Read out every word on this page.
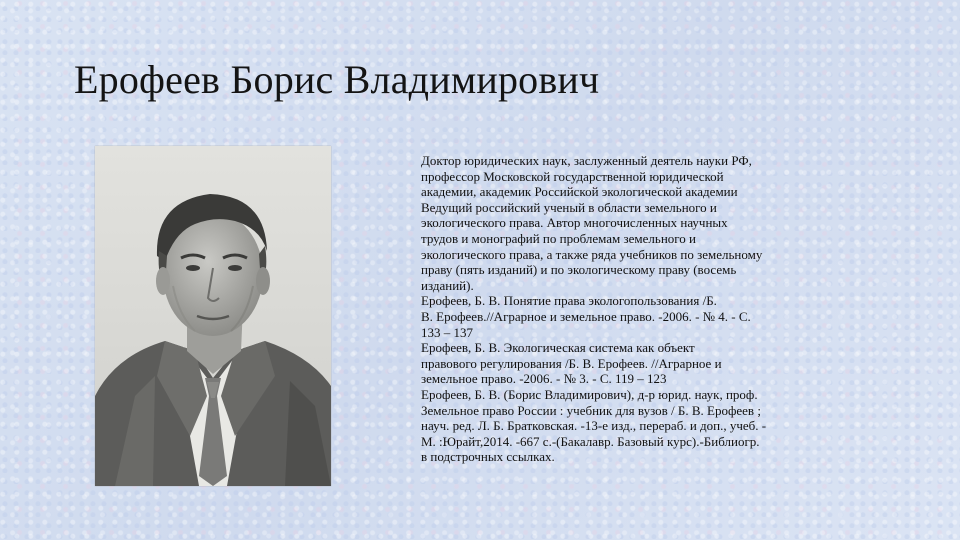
Ерофеев Борис Владимирович
Доктор юридических наук, заслуженный деятель науки РФ,
профессор Московской государственной юридической
академии, академик Российской экологической академии
Ведущий российский ученый в области земельного и
экологического права. Автор многочисленных научных
трудов и монографий по проблемам земельного и
экологического права, а также ряда учебников по земельному
праву (пять изданий) и по экологическому праву (восемь
изданий).
Ерофеев, Б. В. Понятие права экологопользования /Б.
В. Ерофеев.//Аграрное и земельное право. -2006. - № 4. - С.
133 – 137
Ерофеев, Б. В. Экологическая система как объект
правового регулирования /Б. В. Ерофеев. //Аграрное и
земельное право. -2006. - № 3. - С. 119 – 123
Ерофеев, Б. В. (Борис Владимирович), д-р юрид. наук, проф.
Земельное право России : учебник для вузов / Б. В. Ерофеев ;
науч. ред. Л. Б. Братковская. -13-е изд., перераб. и доп., учеб. -
М. :Юрайт,2014. -667 с.-(Бакалавр. Базовый курс).-Библиогр.
в подстрочных ссылках.
